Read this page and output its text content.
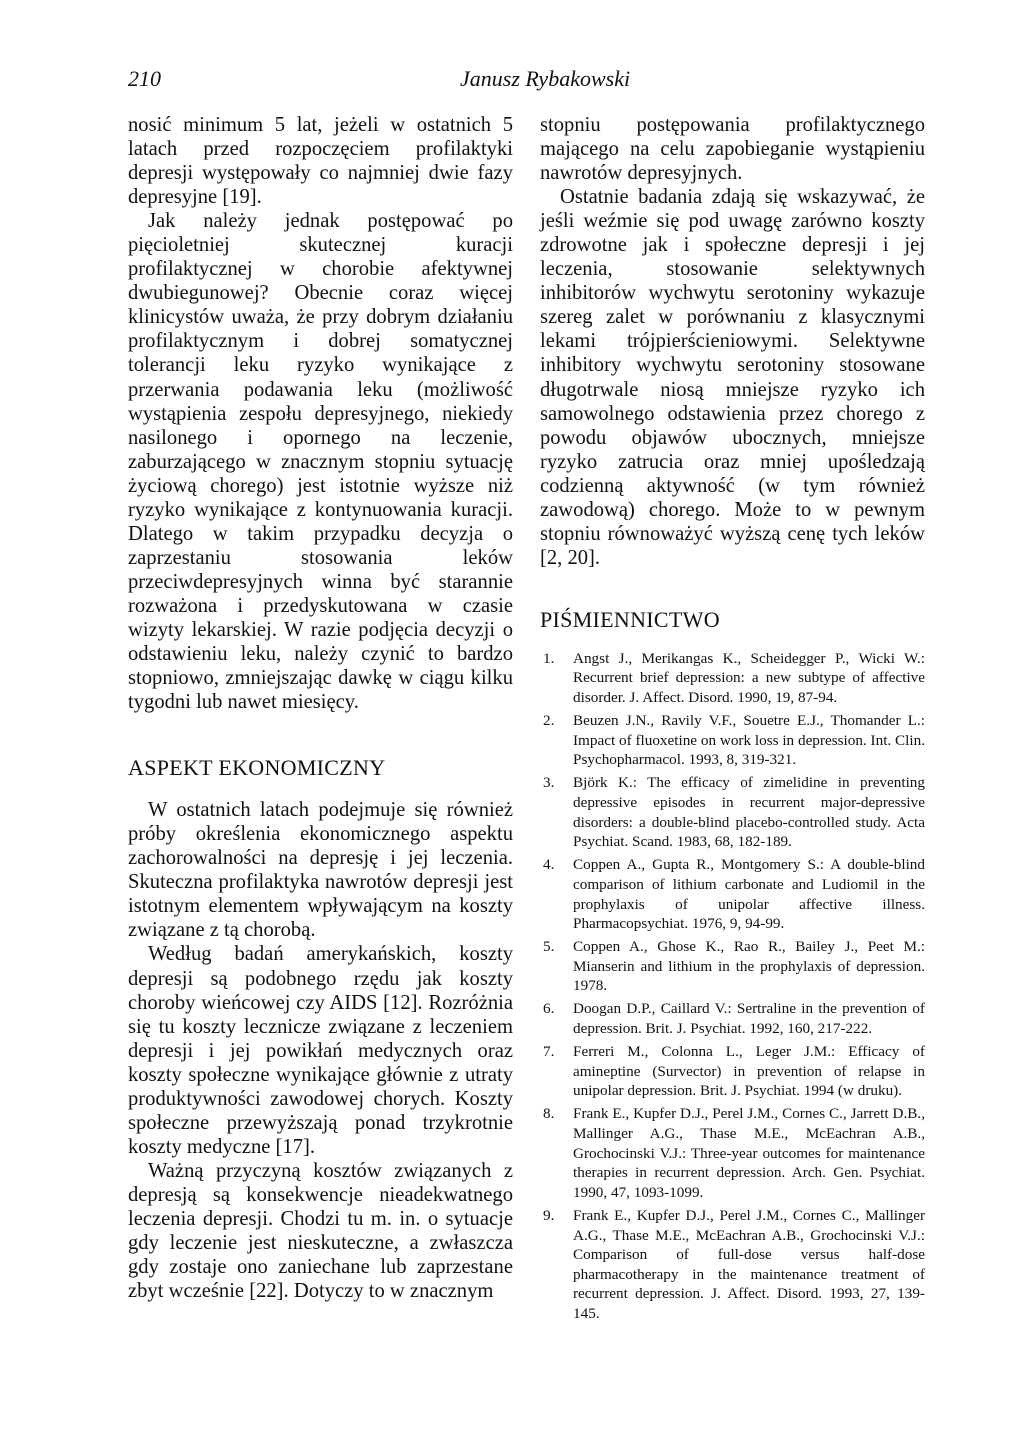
210	Janusz Rybakowski

nosić minimum 5 lat, jeżeli w ostatnich 5 latach przed rozpoczęciem profilaktyki depresji występowały co najmniej dwie fazy depresyjne [19].

Jak należy jednak postępować po pięcioletniej skutecznej kuracji profilaktycznej w chorobie afektywnej dwubiegunowej? Obecnie coraz więcej klinicystów uważa, że przy dobrym działaniu profilaktycznym i dobrej somatycznej tolerancji leku ryzyko wynikające z przerwania podawania leku (możliwość wystąpienia zespołu depresyjnego, niekiedy nasilonego i opornego na leczenie, zaburzającego w znacznym stopniu sytuację życiową chorego) jest istotnie wyższe niż ryzyko wynikające z kontynuowania kuracji. Dlatego w takim przypadku decyzja o zaprzestaniu stosowania leków przeciwdepresyjnych winna być starannie rozważona i przedyskutowana w czasie wizyty lekarskiej. W razie podjęcia decyzji o odstawieniu leku, należy czynić to bardzo stopniowo, zmniejszając dawkę w ciągu kilku tygodni lub nawet miesięcy.

ASPEKT EKONOMICZNY

W ostatnich latach podejmuje się również próby określenia ekonomicznego aspektu zachorowalności na depresję i jej leczenia. Skuteczna profilaktyka nawrotów depresji jest istotnym elementem wpływającym na koszty związane z tą chorobą.

Według badań amerykańskich, koszty depresji są podobnego rzędu jak koszty choroby wieńcowej czy AIDS [12]. Rozróżnia się tu koszty lecznicze związane z leczeniem depresji i jej powikłań medycznych oraz koszty społeczne wynikające głównie z utraty produktywności zawodowej chorych. Koszty społeczne przewyższają ponad trzykrotnie koszty medyczne [17].

Ważną przyczyną kosztów związanych z depresją są konsekwencje nieadekwatnego leczenia depresji. Chodzi tu m. in. o sytuacje gdy leczenie jest nieskuteczne, a zwłaszcza gdy zostaje ono zaniechane lub zaprzestane zbyt wcześnie [22]. Dotyczy to w znacznym

stopniu postępowania profilaktycznego mającego na celu zapobieganie wystąpieniu nawrotów depresyjnych.

Ostatnie badania zdają się wskazywać, że jeśli weźmie się pod uwagę zarówno koszty zdrowotne jak i społeczne depresji i jej leczenia, stosowanie selektywnych inhibitorów wychwytu serotoniny wykazuje szereg zalet w porównaniu z klasycznymi lekami trójpierścieniowymi. Selektywne inhibitory wychwytu serotoniny stosowane długotrwale niosą mniejsze ryzyko ich samowolnego odstawienia przez chorego z powodu objawów ubocznych, mniejsze ryzyko zatrucia oraz mniej upośledzają codzienną aktywność (w tym również zawodową) chorego. Może to w pewnym stopniu równoważyć wyższą cenę tych leków [2, 20].

PIŚMIENNICTWO
1. Angst J., Merikangas K., Scheidegger P., Wicki W.: Recurrent brief depression: a new subtype of affective disorder. J. Affect. Disord. 1990, 19, 87-94.
2. Beuzen J.N., Ravily V.F., Souetre E.J., Thomander L.: Impact of fluoxetine on work loss in depression. Int. Clin. Psychopharmacol. 1993, 8, 319-321.
3. Björk K.: The efficacy of zimelidine in preventing depressive episodes in recurrent major-depressive disorders: a double-blind placebo-controlled study. Acta Psychiat. Scand. 1983, 68, 182-189.
4. Coppen A., Gupta R., Montgomery S.: A double-blind comparison of lithium carbonate and Ludiomil in the prophylaxis of unipolar affective illness. Pharmacopsychiat. 1976, 9, 94-99.
5. Coppen A., Ghose K., Rao R., Bailey J., Peet M.: Mianserin and lithium in the prophylaxis of depression. 1978.
6. Doogan D.P., Caillard V.: Sertraline in the prevention of depression. Brit. J. Psychiat. 1992, 160, 217-222.
7. Ferreri M., Colonna L., Leger J.M.: Efficacy of amineptine (Survector) in prevention of relapse in unipolar depression. Brit. J. Psychiat. 1994 (w druku).
8. Frank E., Kupfer D.J., Perel J.M., Cornes C., Jarrett D.B., Mallinger A.G., Thase M.E., McEachran A.B., Grochocinski V.J.: Three-year outcomes for maintenance therapies in recurrent depression. Arch. Gen. Psychiat. 1990, 47, 1093-1099.
9. Frank E., Kupfer D.J., Perel J.M., Cornes C., Mallinger A.G., Thase M.E., McEachran A.B., Grochocinski V.J.: Comparison of full-dose versus half-dose pharmacotherapy in the maintenance treatment of recurrent depression. J. Affect. Disord. 1993, 27, 139-145.
